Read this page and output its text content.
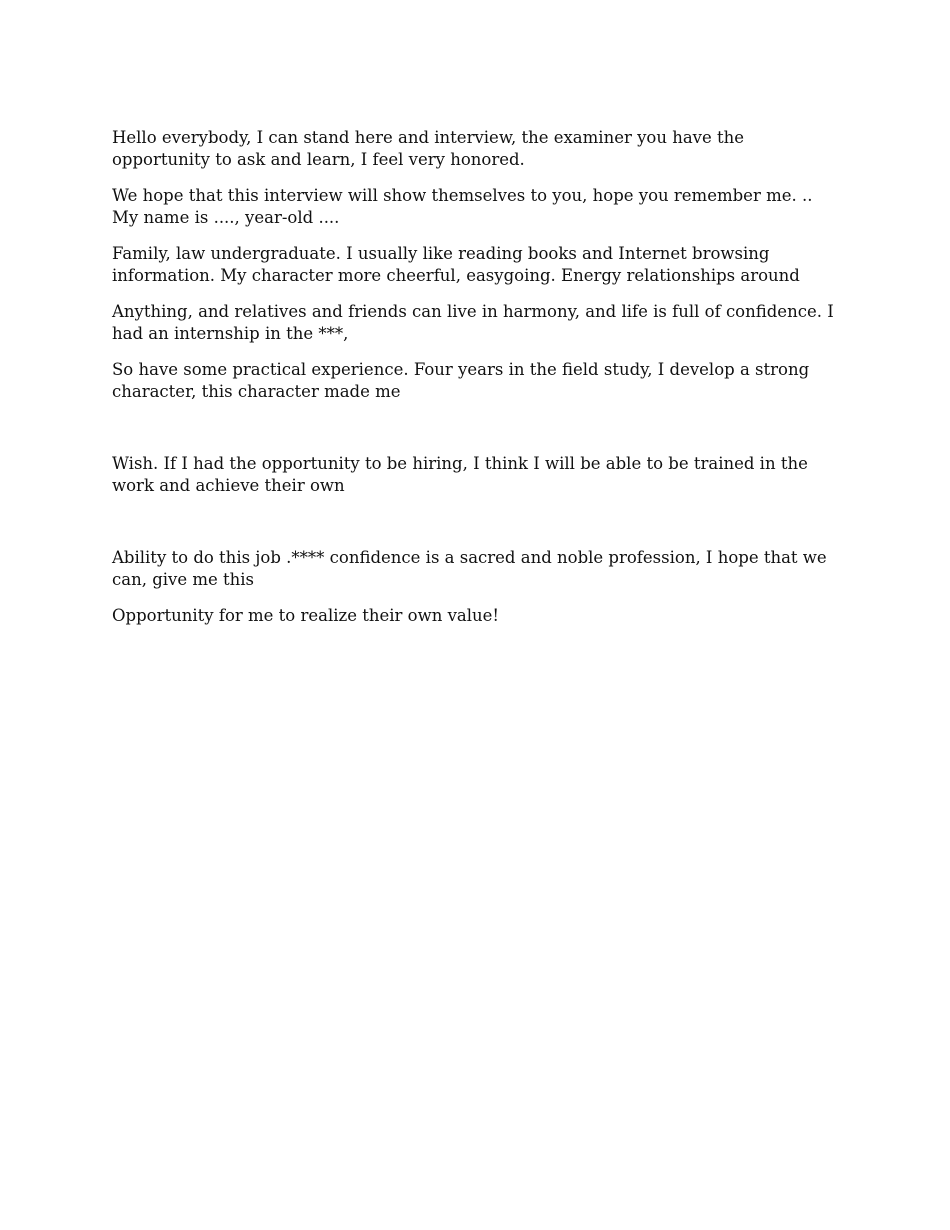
Hello everybody, I can stand here and interview, the examiner you have the opportunity to ask and learn, I feel very honored.

We hope that this interview will show themselves to you, hope you remember me. .. My name is ...., year-old ....

Family, law undergraduate. I usually like reading books and Internet browsing information. My character more cheerful, easygoing. Energy relationships around

Anything, and relatives and friends can live in harmony, and life is full of confidence. I had an internship in the ***,

So have some practical experience. Four years in the field study, I develop a strong character, this character made me

Wish. If I had the opportunity to be hiring, I think I will be able to be trained in the work and achieve their own

Ability to do this job .**** confidence is a sacred and noble profession, I hope that we can, give me this

Opportunity for me to realize their own value!
